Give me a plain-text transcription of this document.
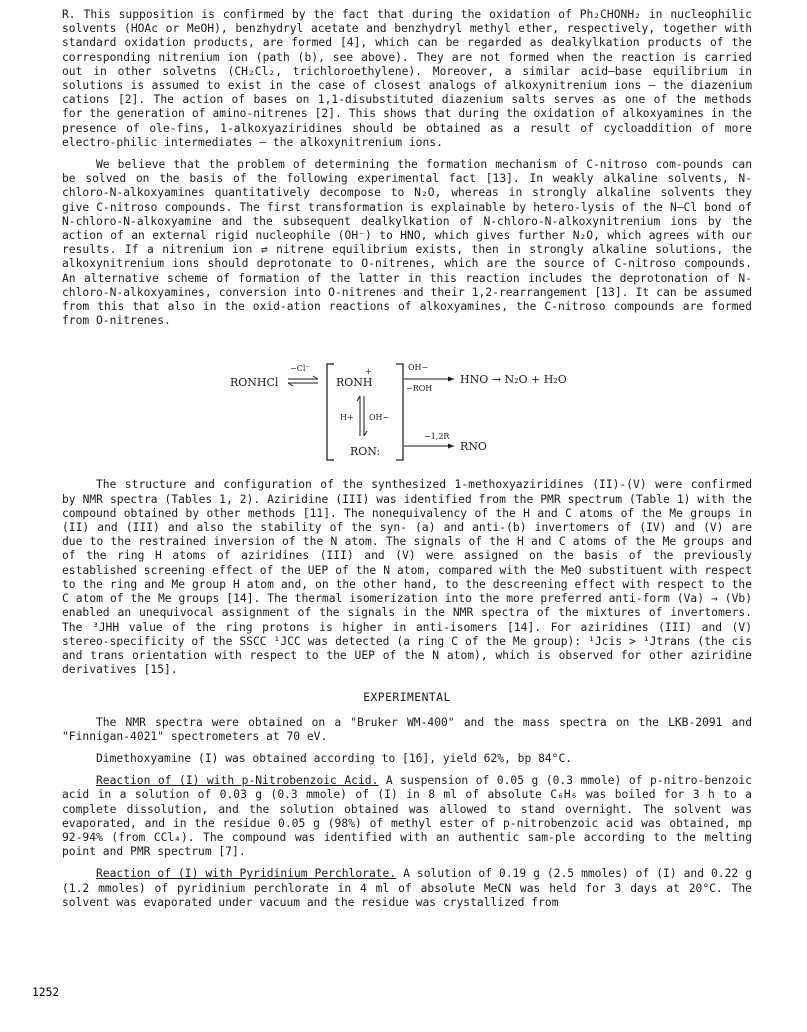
R. This supposition is confirmed by the fact that during the oxidation of Ph₂CHONH₂ in nucleophilic solvents (HOAc or MeOH), benzhydryl acetate and benzhydryl methyl ether, respectively, together with standard oxidation products, are formed [4], which can be regarded as dealkylkation products of the corresponding nitrenium ion (path (b), see above). They are not formed when the reaction is carried out in other solvetns (CH₂Cl₂, trichloroethylene). Moreover, a similar acid—base equilibrium in solutions is assumed to exist in the case of closest analogs of alkoxynitrenium ions — the diazenium cations [2]. The action of bases on 1,1-disubstituted diazenium salts serves as one of the methods for the generation of amino-nitrenes [2]. This shows that during the oxidation of alkoxyamines in the presence of ole-fins, 1-alkoxyaziridines should be obtained as a result of cycloaddition of more electro-philic intermediates — the alkoxynitrenium ions.

We believe that the problem of determining the formation mechanism of C-nitroso com-pounds can be solved on the basis of the following experimental fact [13]. In weakly alkaline solvents, N-chloro-N-alkoxyamines quantitatively decompose to N₂O, whereas in strongly alkaline solvents they give C-nitroso compounds. The first transformation is explainable by hetero-lysis of the N—Cl bond of N-chloro-N-alkoxyamine and the subsequent dealkylkation of N-chloro-N-alkoxynitrenium ions by the action of an external rigid nucleophile (OH⁻) to HNO, which gives further N₂O, which agrees with our results. If a nitrenium ion ⇄ nitrene equilibrium exists, then in strongly alkaline solutions, the alkoxynitrenium ions should deprotonate to O-nitrenes, which are the source of C-nitroso compounds. An alternative scheme of formation of the latter in this reaction includes the deprotonation of N-chloro-N-alkoxyamines, conversion into O-nitrenes and their 1,2-rearrangement [13]. It can be assumed from this that also in the oxid-ation reactions of alkoxyamines, the C-nitroso compounds are formed from O-nitrenes.

RONHCl
−Cl⁻
RONH
+
H+ OH−
RON:
OH−
−ROH
HNO → N₂O + H₂O
~1,2R
RNO

The structure and configuration of the synthesized 1-methoxyaziridines (II)-(V) were confirmed by NMR spectra (Tables 1, 2). Aziridine (III) was identified from the PMR spectrum (Table 1) with the compound obtained by other methods [11]. The nonequivalency of the H and C atoms of the Me groups in (II) and (III) and also the stability of the syn- (a) and anti-(b) invertomers of (IV) and (V) are due to the restrained inversion of the N atom. The signals of the H and C atoms of the Me groups and of the ring H atoms of aziridines (III) and (V) were assigned on the basis of the previously established screening effect of the UEP of the N atom, compared with the MeO substituent with respect to the ring and Me group H atom and, on the other hand, to the descreening effect with respect to the C atom of the Me groups [14]. The thermal isomerization into the more preferred anti-form (Va) → (Vb) enabled an unequivocal assignment of the signals in the NMR spectra of the mixtures of invertomers. The ³JHH value of the ring protons is higher in anti-isomers [14]. For aziridines (III) and (V) stereo-specificity of the SSCC ¹JCC was detected (a ring C of the Me group): ¹Jcis > ¹Jtrans (the cis and trans orientation with respect to the UEP of the N atom), which is observed for other aziridine derivatives [15].

EXPERIMENTAL

The NMR spectra were obtained on a "Bruker WM-400" and the mass spectra on the LKB-2091 and "Finnigan-4021" spectrometers at 70 eV.

Dimethoxyamine (I) was obtained according to [16], yield 62%, bp 84°C.

Reaction of (I) with p-Nitrobenzoic Acid. A suspension of 0.05 g (0.3 mmole) of p-nitro-benzoic acid in a solution of 0.03 g (0.3 mmole) of (I) in 8 ml of absolute C₆H₆ was boiled for 3 h to a complete dissolution, and the solution obtained was allowed to stand overnight. The solvent was evaporated, and in the residue 0.05 g (98%) of methyl ester of p-nitrobenzoic acid was obtained, mp 92-94% (from CCl₄). The compound was identified with an authentic sam-ple according to the melting point and PMR spectrum [7].

Reaction of (I) with Pyridinium Perchlorate. A solution of 0.19 g (2.5 mmoles) of (I) and 0.22 g (1.2 mmoles) of pyridinium perchlorate in 4 ml of absolute MeCN was held for 3 days at 20°C. The solvent was evaporated under vacuum and the residue was crystallized from

1252
